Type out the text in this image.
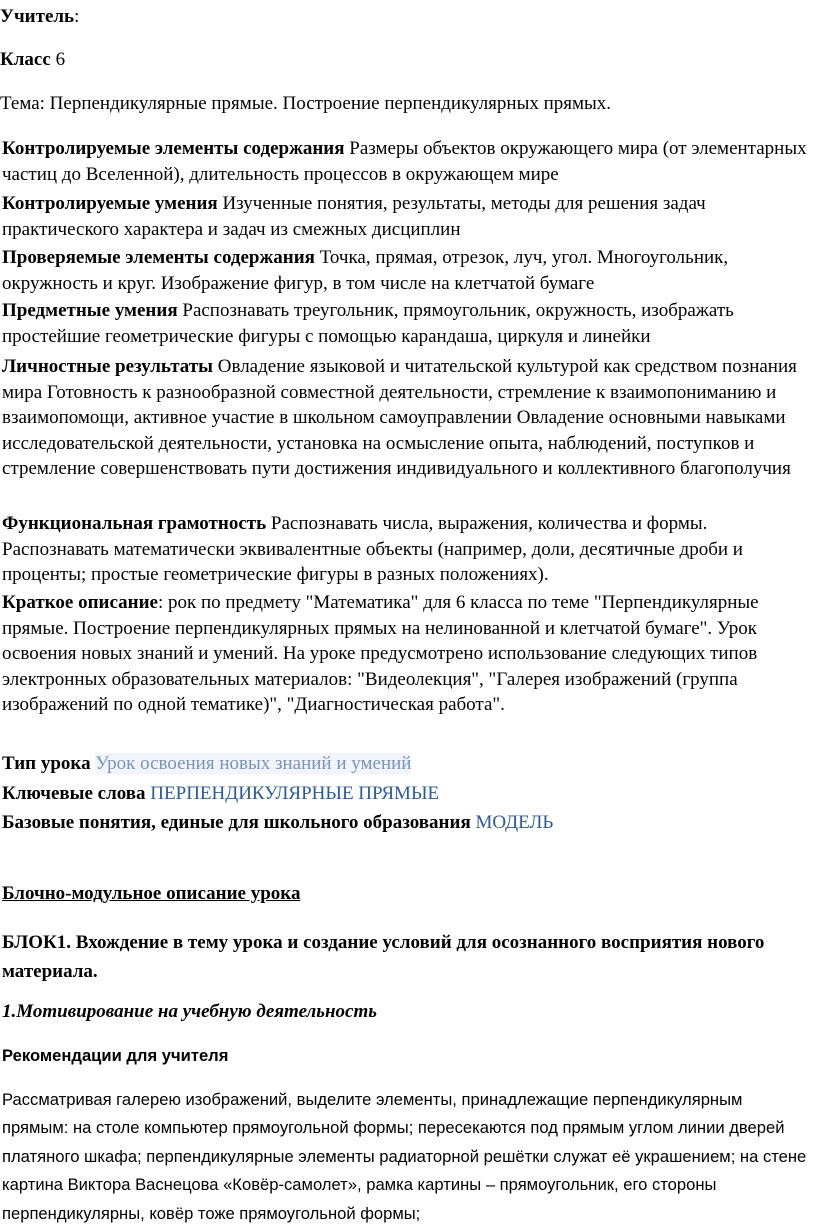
Учитель:

Класс 6

Тема: Перпендикулярные прямые. Построение перпендикулярных прямых.

Контролируемые элементы содержания Размеры объектов окружающего мира (от элементарных частиц до Вселенной), длительность процессов в окружающем мире

Контролируемые умения Изученные понятия, результаты, методы для решения задач практического характера и задач из смежных дисциплин

Проверяемые элементы содержания Точка, прямая, отрезок, луч, угол. Многоугольник, окружность и круг. Изображение фигур, в том числе на клетчатой бумаге

Предметные умения Распознавать треугольник, прямоугольник, окружность, изображать простейшие геометрические фигуры с помощью карандаша, циркуля и линейки

Личностные результаты Овладение языковой и читательской культурой как средством познания мира Готовность к разнообразной совместной деятельности, стремление к взаимопониманию и взаимопомощи, активное участие в школьном самоуправлении Овладение основными навыками исследовательской деятельности, установка на осмысление опыта, наблюдений, поступков и стремление совершенствовать пути достижения индивидуального и коллективного благополучия

Функциональная грамотность Распознавать числа, выражения, количества и формы. Распознавать математически эквивалентные объекты (например, доли, десятичные дроби и проценты; простые геометрические фигуры в разных положениях).

Краткое описание: рок по предмету "Математика" для 6 класса по теме "Перпендикулярные прямые. Построение перпендикулярных прямых на нелинованной и клетчатой бумаге". Урок освоения новых знаний и умений. На уроке предусмотрено использование следующих типов электронных образовательных материалов: "Видеолекция", "Галерея изображений (группа изображений по одной тематике)", "Диагностическая работа".

Тип урока Урок освоения новых знаний и умений

Ключевые слова ПЕРПЕНДИКУЛЯРНЫЕ ПРЯМЫЕ

Базовые понятия, единые для школьного образования МОДЕЛЬ

Блочно-модульное описание урока

БЛОК1. Вхождение в тему урока и создание условий для осознанного восприятия нового материала.

1.Мотивирование на учебную деятельность

Рекомендации для учителя

Рассматривая галерею изображений, выделите элементы, принадлежащие перпендикулярным прямым: на столе компьютер прямоугольной формы; пересекаются под прямым углом линии дверей платяного шкафа; перпендикулярные элементы радиаторной решётки служат её украшением; на стене картина Виктора Васнецова «Ковёр-самолет», рамка картины – прямоугольник, его стороны перпендикулярны, ковёр тоже прямоугольной формы;
